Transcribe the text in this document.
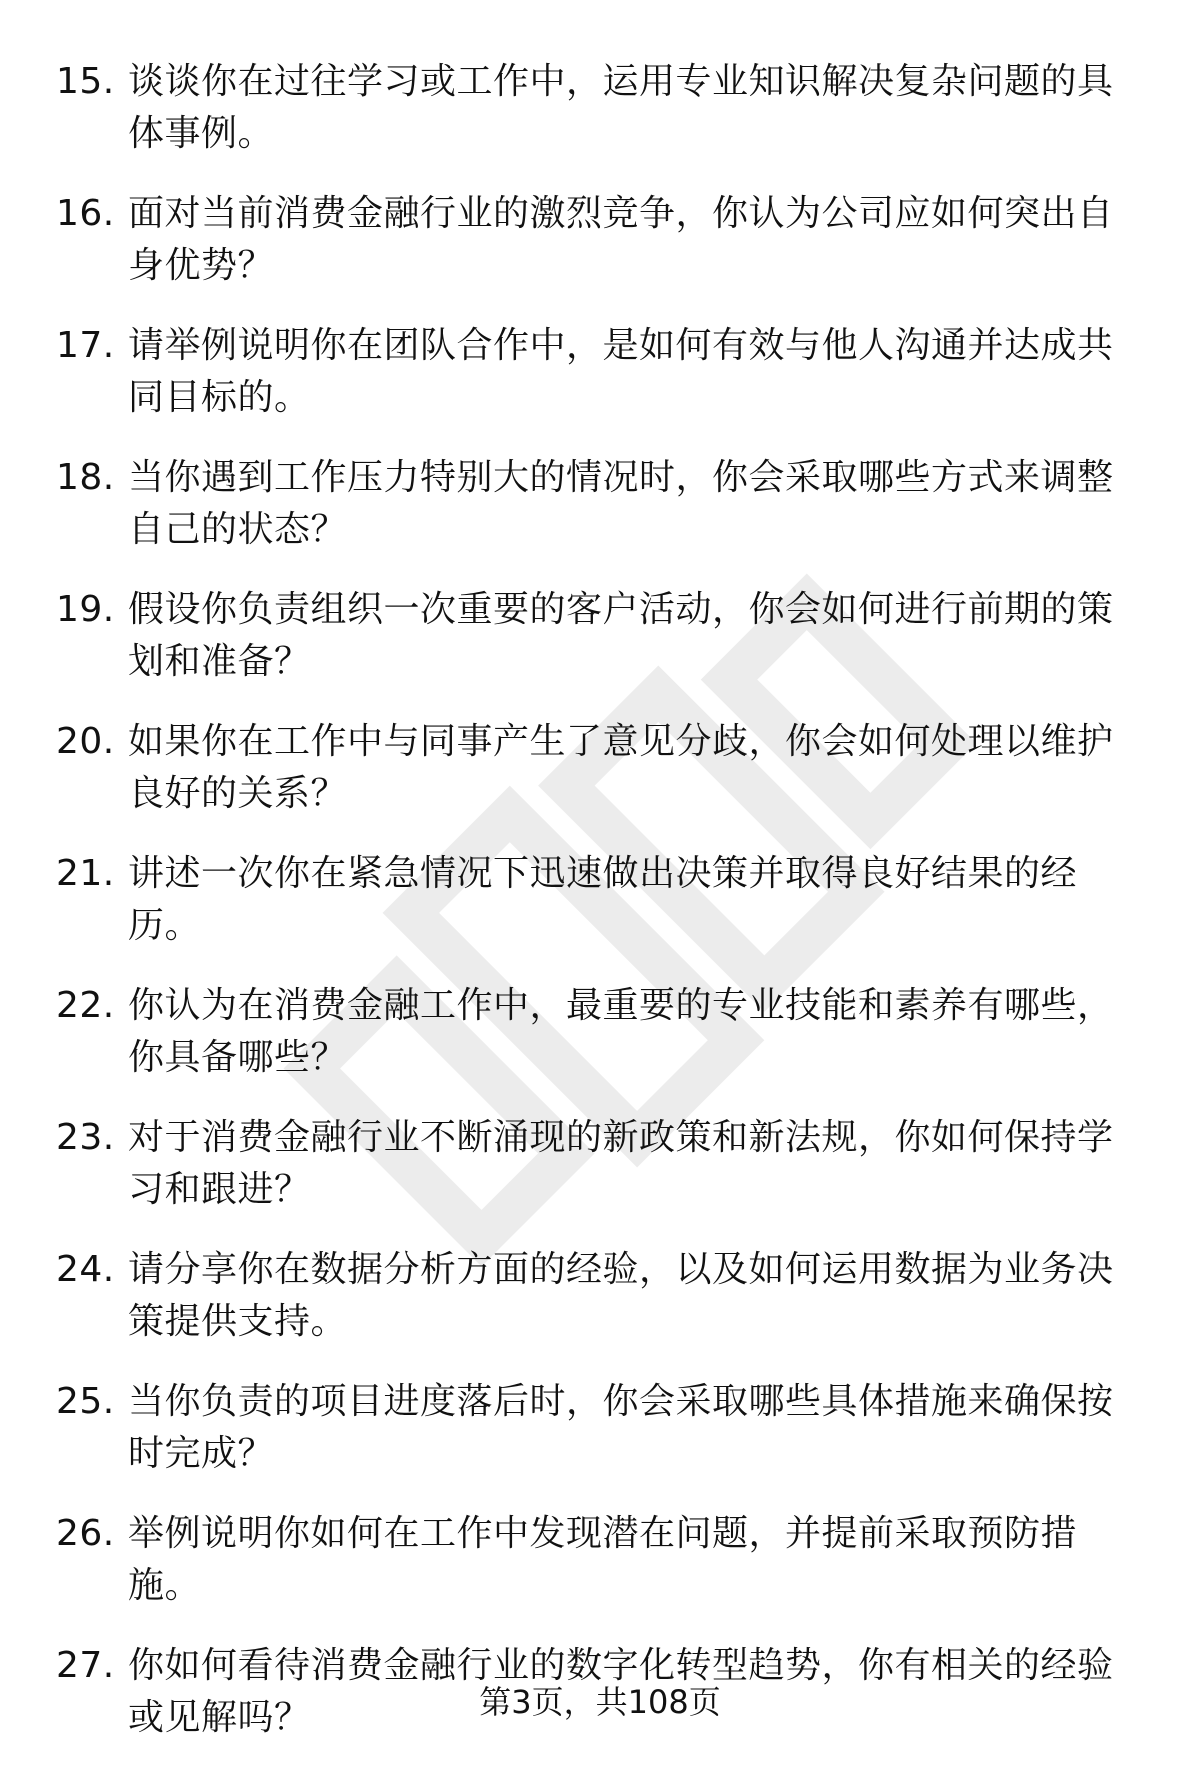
15. 谈谈你在过往学习或工作中，运用专业知识解决复杂问题的具体事例。
16. 面对当前消费金融行业的激烈竞争，你认为公司应如何突出自身优势？
17. 请举例说明你在团队合作中，是如何有效与他人沟通并达成共同目标的。
18. 当你遇到工作压力特别大的情况时，你会采取哪些方式来调整自己的状态？
19. 假设你负责组织一次重要的客户活动，你会如何进行前期的策划和准备？
20. 如果你在工作中与同事产生了意见分歧，你会如何处理以维护良好的关系？
21. 讲述一次你在紧急情况下迅速做出决策并取得良好结果的经历。
22. 你认为在消费金融工作中，最重要的专业技能和素养有哪些，你具备哪些？
23. 对于消费金融行业不断涌现的新政策和新法规，你如何保持学习和跟进？
24. 请分享你在数据分析方面的经验，以及如何运用数据为业务决策提供支持。
25. 当你负责的项目进度落后时，你会采取哪些具体措施来确保按时完成？
26. 举例说明你如何在工作中发现潜在问题，并提前采取预防措施。
27. 你如何看待消费金融行业的数字化转型趋势，你有相关的经验或见解吗？	第3页，共108页
